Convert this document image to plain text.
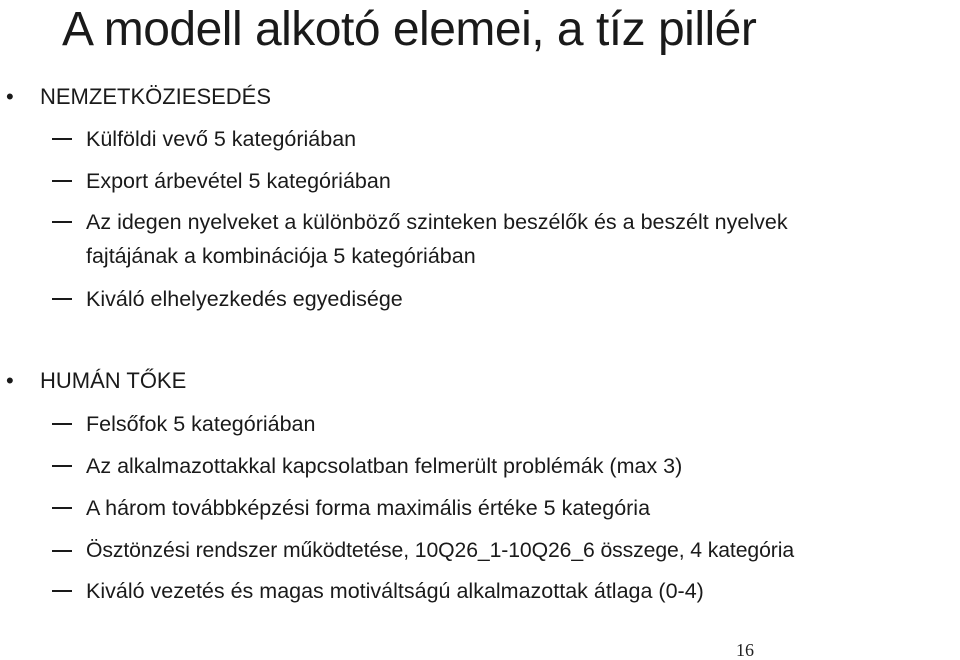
A modell alkotó elemei, a tíz pillér
• NEMZETKÖZIESEDÉS
Külföldi vevő 5 kategóriában
Export árbevétel 5 kategóriában
Az idegen nyelveket a különböző szinteken beszélők és a beszélt nyelvek
fajtájának a kombinációja 5 kategóriában
Kiváló elhelyezkedés egyedisége
• HUMÁN TŐKE
Felsőfok 5 kategóriában
Az alkalmazottakkal kapcsolatban felmerült problémák (max 3)
A három továbbképzési forma maximális értéke 5 kategória
Ösztönzési rendszer működtetése, 10Q26_1-10Q26_6 összege, 4 kategória
Kiváló vezetés és magas motiváltságú alkalmazottak átlaga (0-4)
16
